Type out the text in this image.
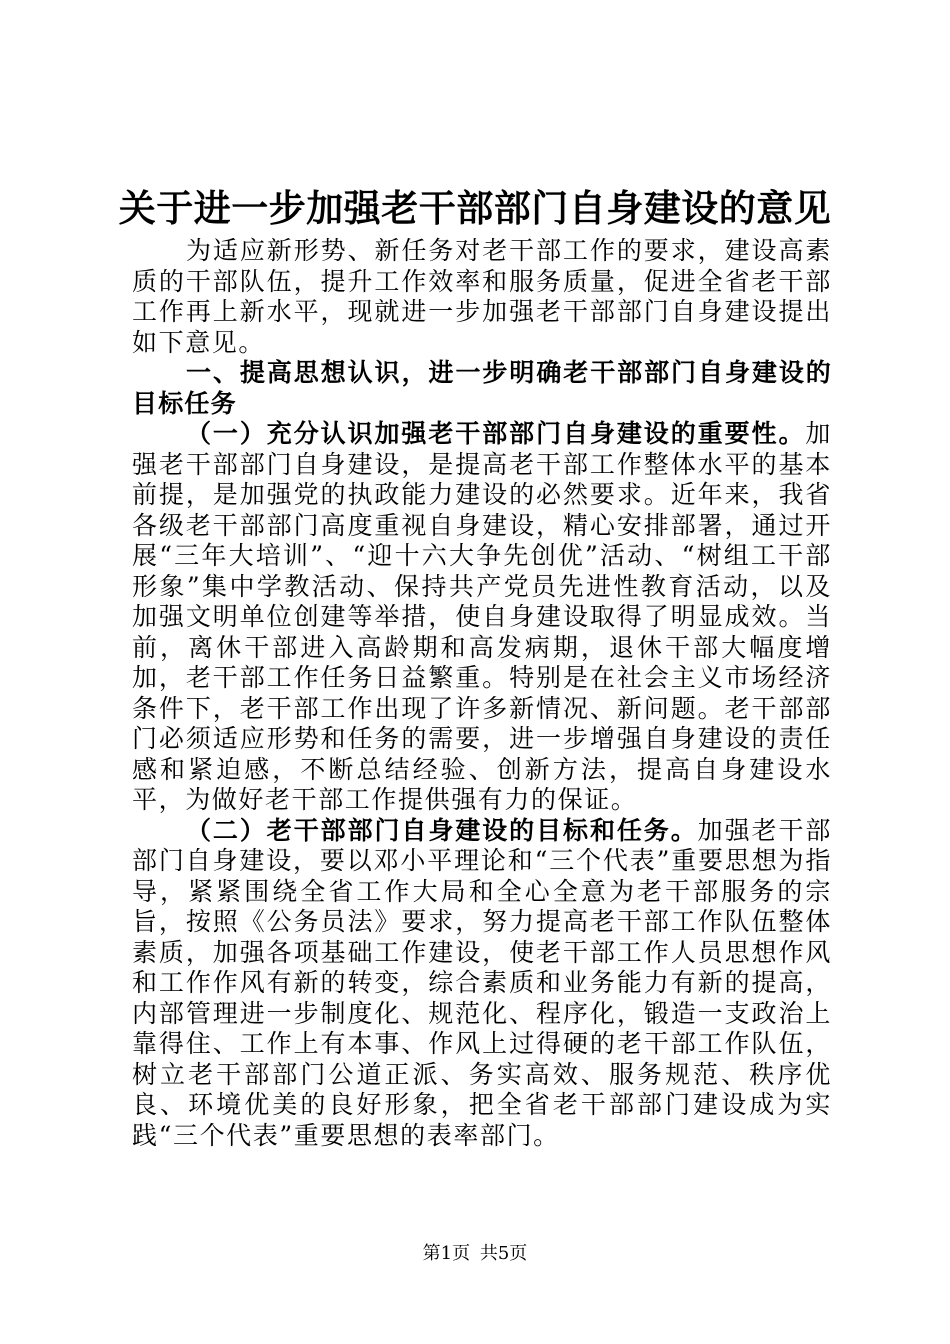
关于进一步加强老干部部门自身建设的意见

为适应新形势、新任务对老干部工作的要求，建设高素质的干部队伍，提升工作效率和服务质量，促进全省老干部工作再上新水平，现就进一步加强老干部部门自身建设提出如下意见。

一、提高思想认识，进一步明确老干部部门自身建设的目标任务

（一）充分认识加强老干部部门自身建设的重要性。加强老干部部门自身建设，是提高老干部工作整体水平的基本前提，是加强党的执政能力建设的必然要求。近年来，我省各级老干部部门高度重视自身建设，精心安排部署，通过开展“三年大培训”、“迎十六大争先创优”活动、“树组工干部形象”集中学教活动、保持共产党员先进性教育活动，以及加强文明单位创建等举措，使自身建设取得了明显成效。当前，离休干部进入高龄期和高发病期，退休干部大幅度增加，老干部工作任务日益繁重。特别是在社会主义市场经济条件下，老干部工作出现了许多新情况、新问题。老干部部门必须适应形势和任务的需要，进一步增强自身建设的责任感和紧迫感，不断总结经验、创新方法，提高自身建设水平，为做好老干部工作提供强有力的保证。

（二）老干部部门自身建设的目标和任务。加强老干部部门自身建设，要以邓小平理论和“三个代表”重要思想为指导，紧紧围绕全省工作大局和全心全意为老干部服务的宗旨，按照《公务员法》要求，努力提高老干部工作队伍整体素质，加强各项基础工作建设，使老干部工作人员思想作风和工作作风有新的转变，综合素质和业务能力有新的提高，内部管理进一步制度化、规范化、程序化，锻造一支政治上靠得住、工作上有本事、作风上过得硬的老干部工作队伍，树立老干部部门公道正派、务实高效、服务规范、秩序优良、环境优美的良好形象，把全省老干部部门建设成为实践“三个代表”重要思想的表率部门。

第1页 共5页
